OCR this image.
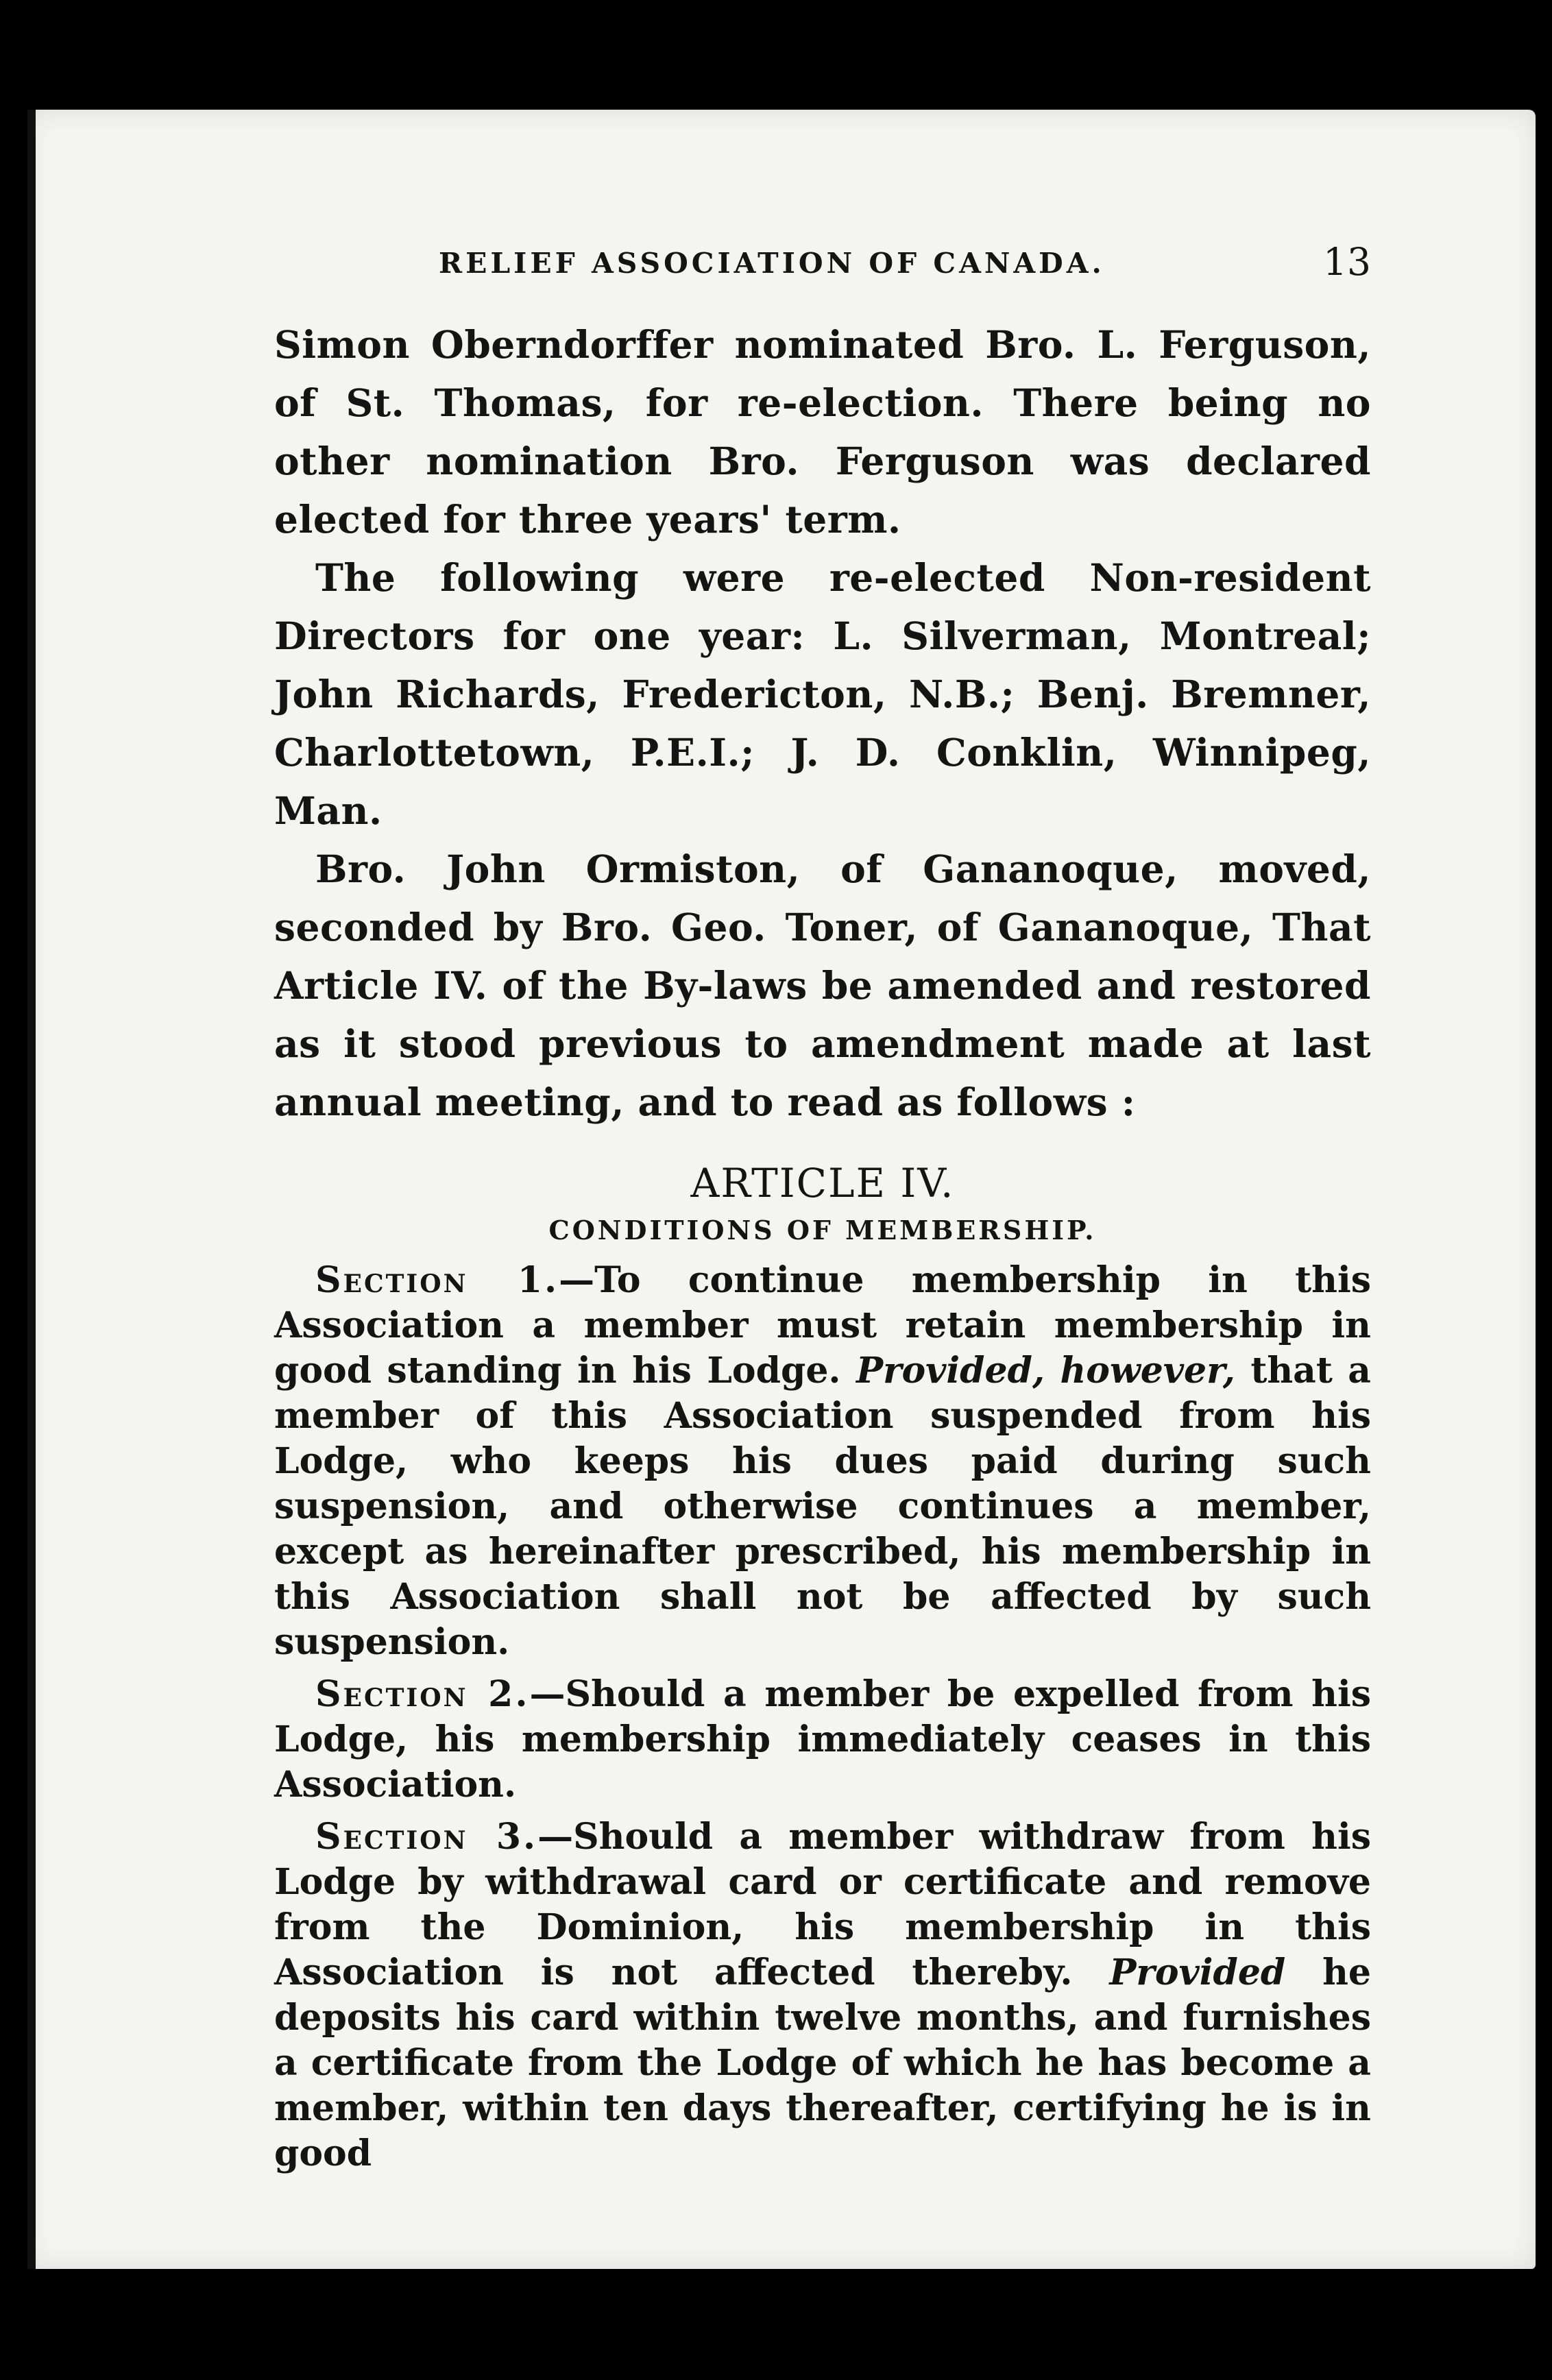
RELIEF ASSOCIATION OF CANADA.	13

Simon Oberndorffer nominated Bro. L. Ferguson, of St. Thomas, for re-election. There being no other nomination Bro. Ferguson was declared elected for three years' term.

The following were re-elected Non-resident Directors for one year: L. Silverman, Montreal; John Richards, Fredericton, N.B.; Benj. Bremner, Charlottetown, P.E.I.; J. D. Conklin, Winnipeg, Man.

Bro. John Ormiston, of Gananoque, moved, seconded by Bro. Geo. Toner, of Gananoque, That Article IV. of the By-laws be amended and restored as it stood previous to amendment made at last annual meeting, and to read as follows :

ARTICLE IV.
CONDITIONS OF MEMBERSHIP.

Section 1.—To continue membership in this Association a member must retain membership in good standing in his Lodge. Provided, however, that a member of this Association suspended from his Lodge, who keeps his dues paid during such suspension, and otherwise continues a member, except as hereinafter prescribed, his membership in this Association shall not be affected by such suspension.

Section 2.—Should a member be expelled from his Lodge, his membership immediately ceases in this Association.

Section 3.—Should a member withdraw from his Lodge by withdrawal card or certificate and remove from the Dominion, his membership in this Association is not affected thereby. Provided he deposits his card within twelve months, and furnishes a certificate from the Lodge of which he has become a member, within ten days thereafter, certifying he is in good
